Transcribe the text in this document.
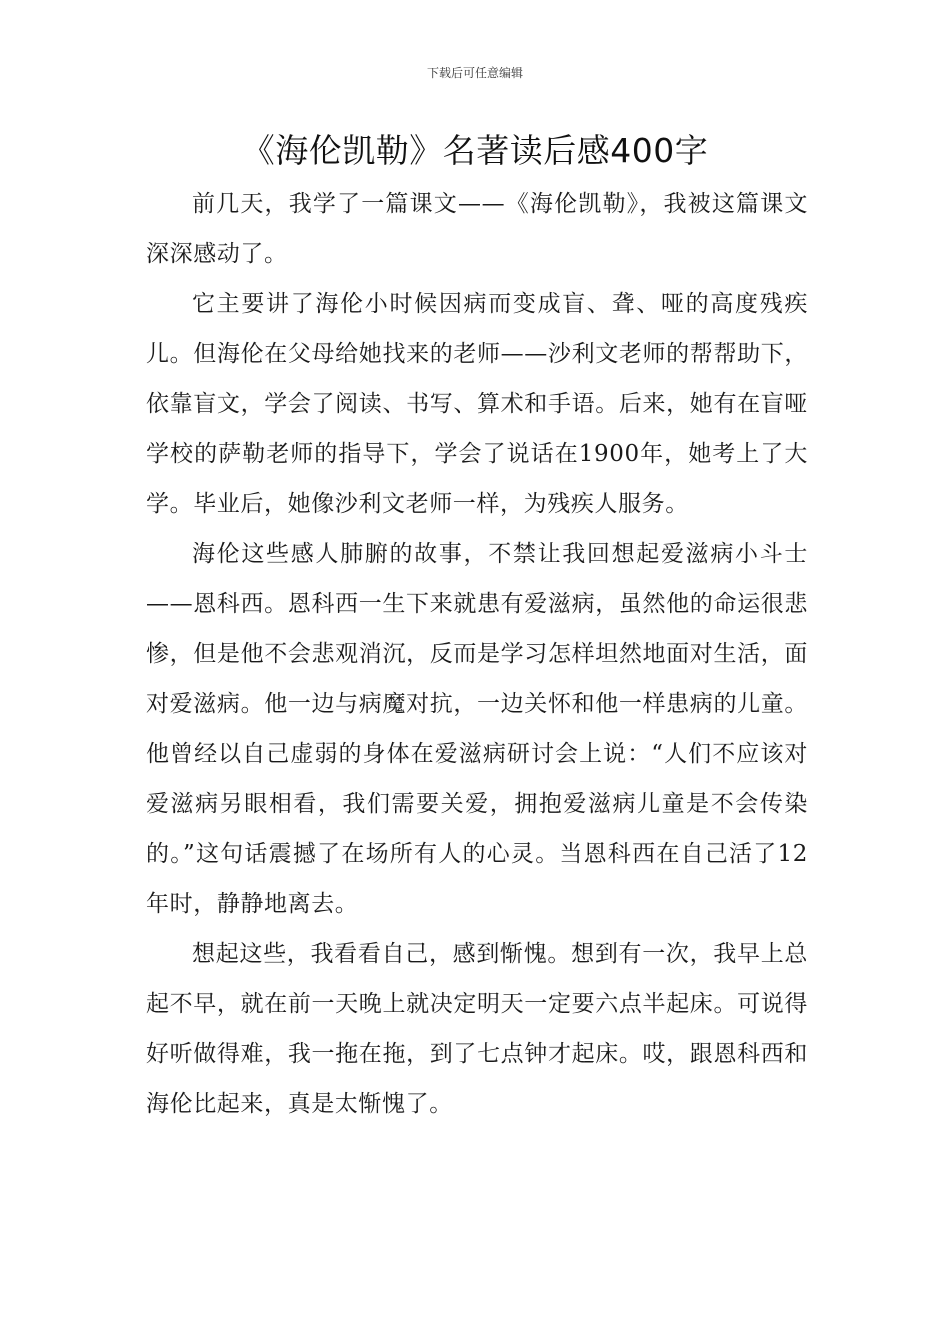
下载后可任意编辑
《海伦凯勒》名著读后感400字

前几天，我学了一篇课文——《海伦凯勒》，我被这篇课文深深感动了。

它主要讲了海伦小时候因病而变成盲、聋、哑的高度残疾儿。但海伦在父母给她找来的老师——沙利文老师的帮帮助下，依靠盲文，学会了阅读、书写、算术和手语。后来，她有在盲哑学校的萨勒老师的指导下，学会了说话在1900年，她考上了大学。毕业后，她像沙利文老师一样，为残疾人服务。

海伦这些感人肺腑的故事，不禁让我回想起爱滋病小斗士——恩科西。恩科西一生下来就患有爱滋病，虽然他的命运很悲惨，但是他不会悲观消沉，反而是学习怎样坦然地面对生活，面对爱滋病。他一边与病魔对抗，一边关怀和他一样患病的儿童。他曾经以自己虚弱的身体在爱滋病研讨会上说：“人们不应该对爱滋病另眼相看，我们需要关爱，拥抱爱滋病儿童是不会传染的。”这句话震撼了在场所有人的心灵。当恩科西在自己活了12年时，静静地离去。

想起这些，我看看自己，感到惭愧。想到有一次，我早上总起不早，就在前一天晚上就决定明天一定要六点半起床。可说得好听做得难，我一拖在拖，到了七点钟才起床。哎，跟恩科西和海伦比起来，真是太惭愧了。
